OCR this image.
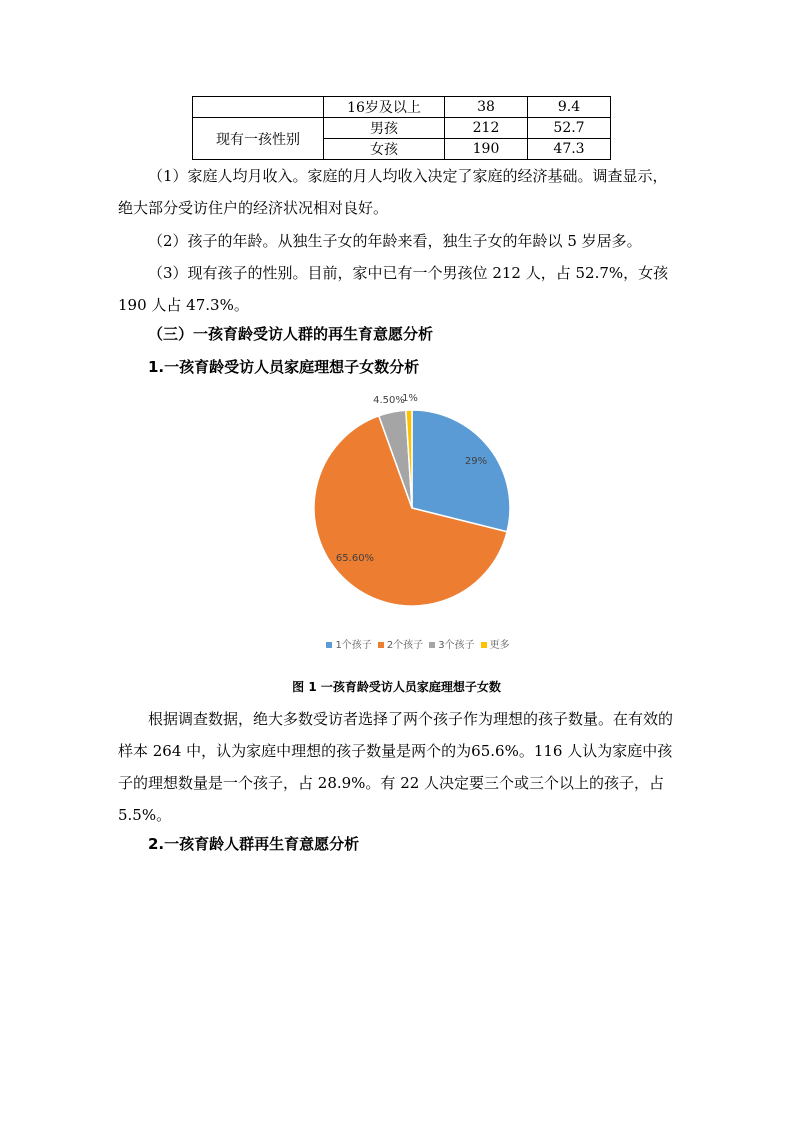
	16岁及以上	38	9.4
现有一孩性别	男孩	212	52.7
	女孩	190	47.3

（1）家庭人均月收入。家庭的月人均收入决定了家庭的经济基础。调查显示，绝大部分受访住户的经济状况相对良好。

（2）孩子的年龄。从独生子女的年龄来看，独生子女的年龄以 5 岁居多。

（3）现有孩子的性别。目前，家中已有一个男孩位 212 人，占 52.7%，女孩 190 人占 47.3%。

（三）一孩育龄受访人群的再生育意愿分析

1.一孩育龄受访人员家庭理想子女数分析

29%
65.60%
4.50%
1%
1个孩子 2个孩子 3个孩子 更多
图 1 一孩育龄受访人员家庭理想子女数

根据调查数据，绝大多数受访者选择了两个孩子作为理想的孩子数量。在有效的样本 264 中，认为家庭中理想的孩子数量是两个的为65.6%。116 人认为家庭中孩子的理想数量是一个孩子，占 28.9%。有 22 人决定要三个或三个以上的孩子，占 5.5%。

2.一孩育龄人群再生育意愿分析
